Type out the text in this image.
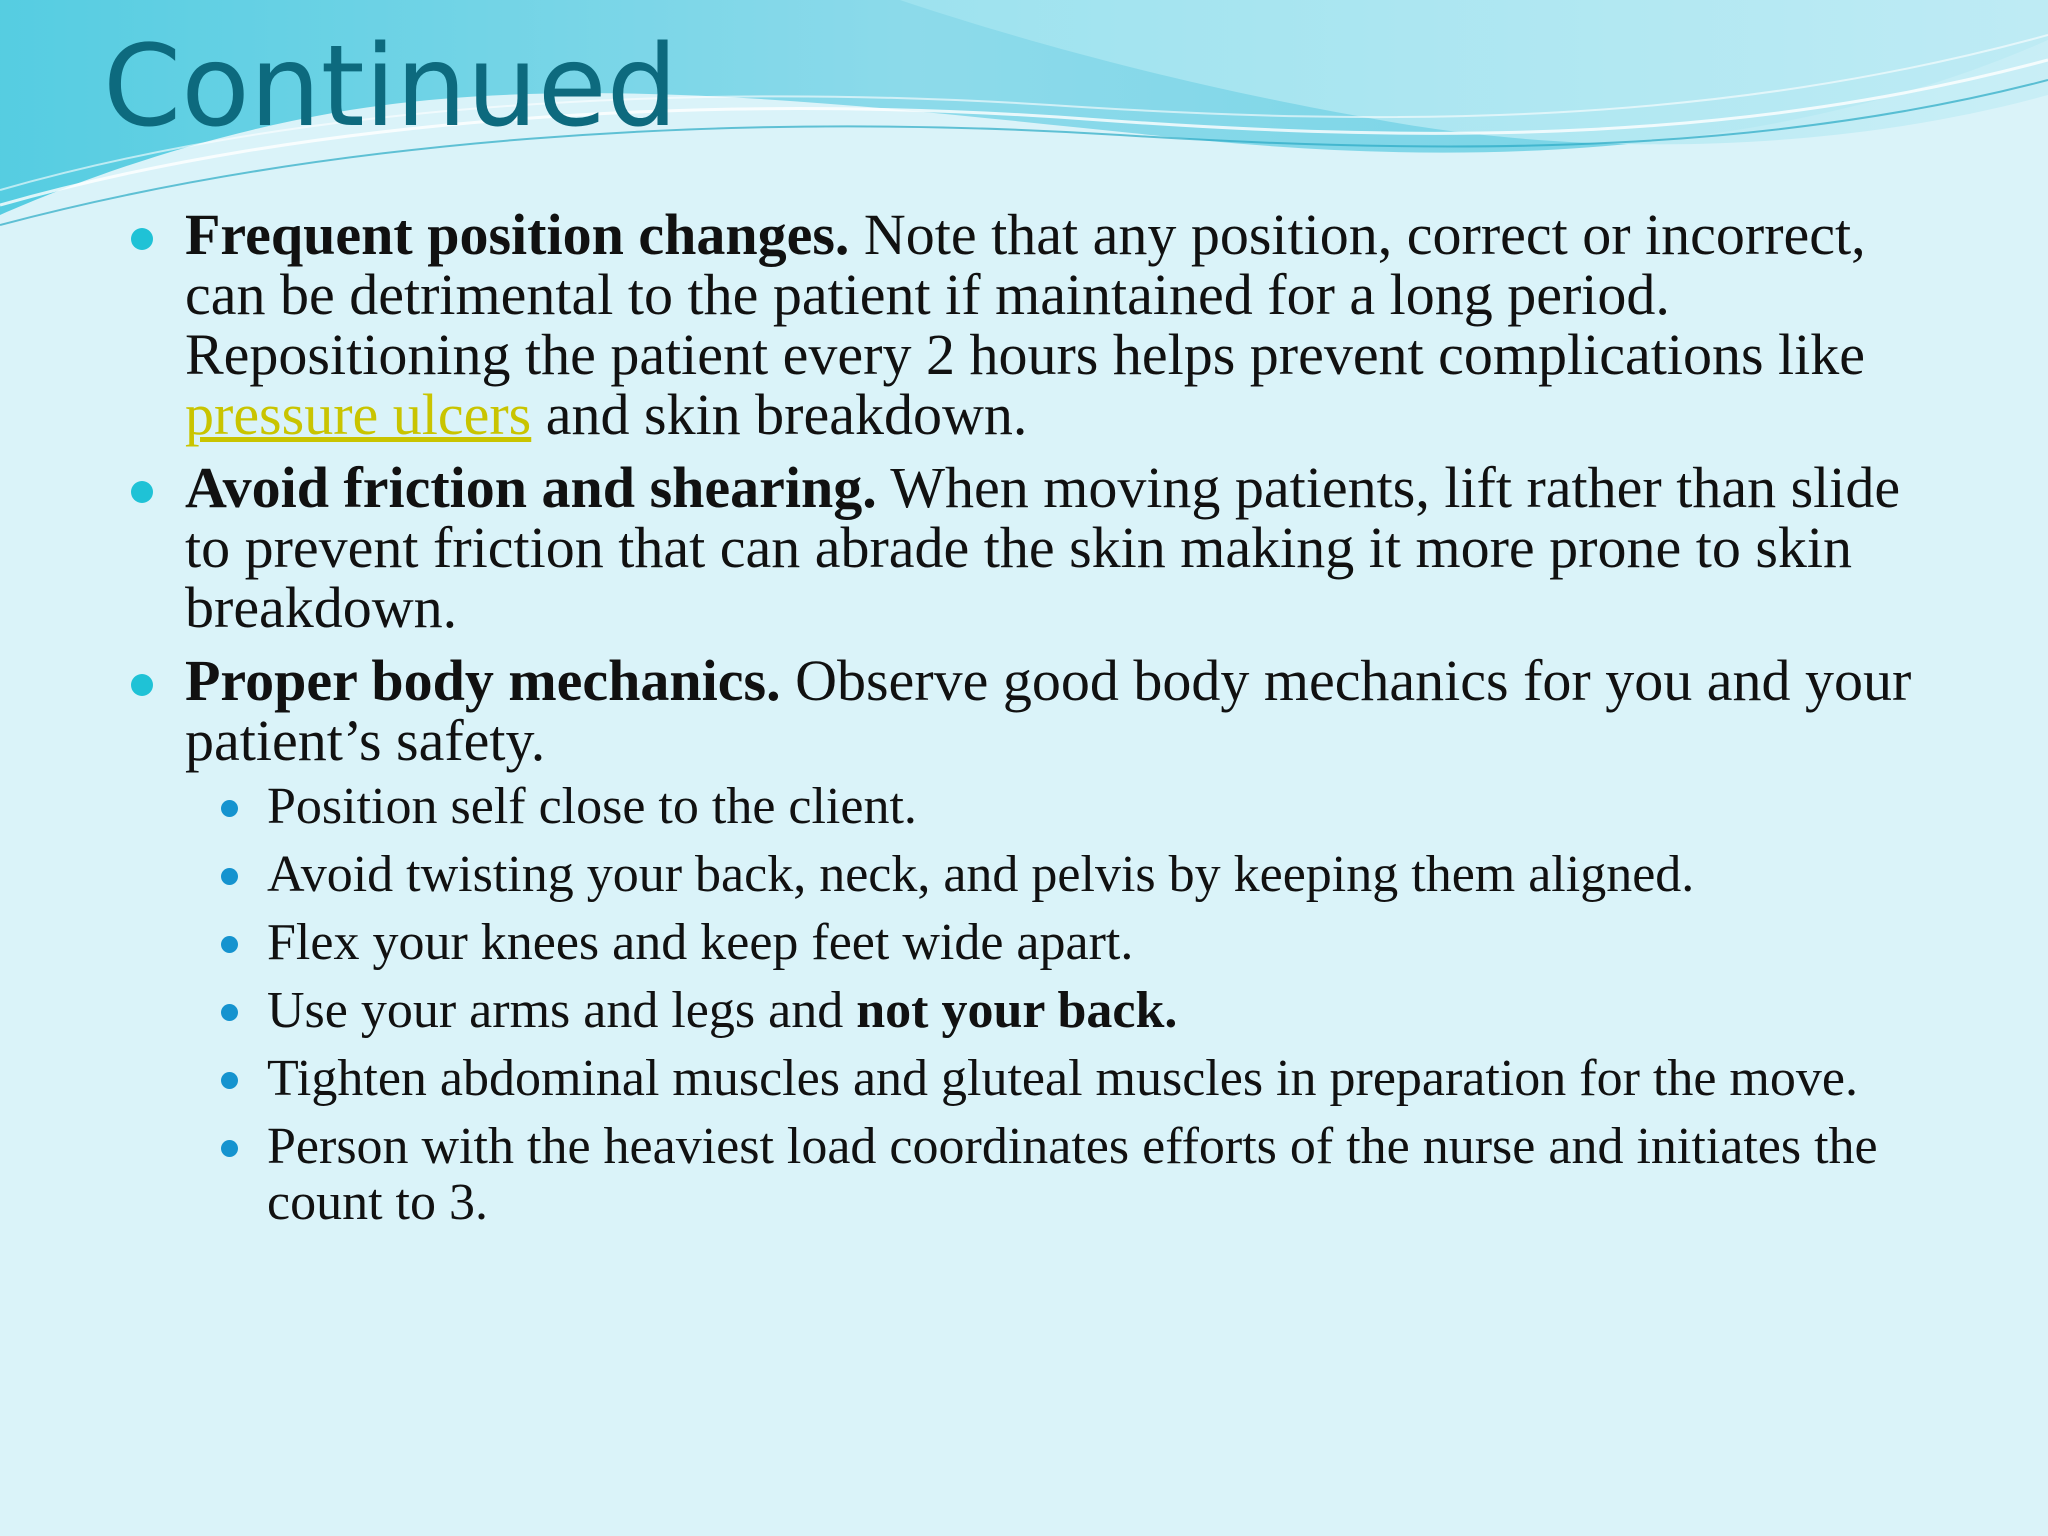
Continued
Frequent position changes. Note that any position, correct or incorrect, can be detrimental to the patient if maintained for a long period. Repositioning the patient every 2 hours helps prevent complications like pressure ulcers and skin breakdown.
Avoid friction and shearing. When moving patients, lift rather than slide to prevent friction that can abrade the skin making it more prone to skin breakdown.
Proper body mechanics. Observe good body mechanics for you and your patient’s safety.
Position self close to the client.
Avoid twisting your back, neck, and pelvis by keeping them aligned.
Flex your knees and keep feet wide apart.
Use your arms and legs and not your back.
Tighten abdominal muscles and gluteal muscles in preparation for the move.
Person with the heaviest load coordinates efforts of the nurse and initiates the count to 3.
